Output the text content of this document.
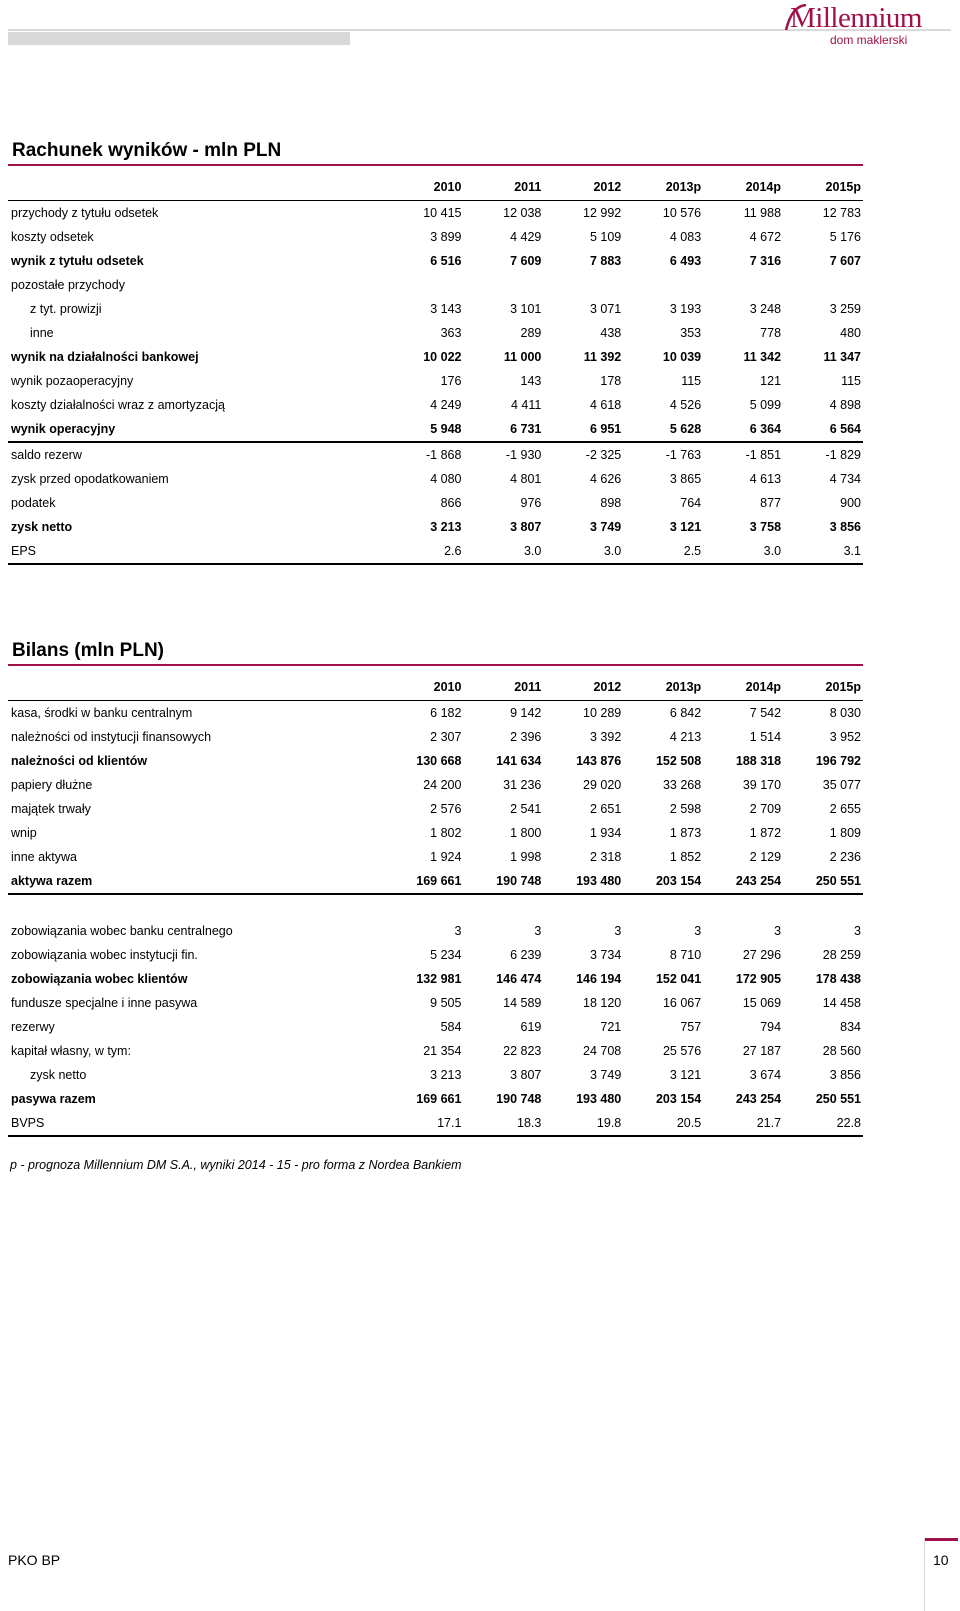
Millennium
dom maklerski
Rachunek wyników - mln PLN
	2010	2011	2012	2013p	2014p	2015p
przychody z tytułu odsetek	10 415	12 038	12 992	10 576	11 988	12 783
koszty odsetek	3 899	4 429	5 109	4 083	4 672	5 176
wynik z tytułu odsetek	6 516	7 609	7 883	6 493	7 316	7 607
pozostałe przychody						
z tyt. prowizji	3 143	3 101	3 071	3 193	3 248	3 259
inne	363	289	438	353	778	480
wynik na działalności bankowej	10 022	11 000	11 392	10 039	11 342	11 347
wynik pozaoperacyjny	176	143	178	115	121	115
koszty działalności wraz z amortyzacją	4 249	4 411	4 618	4 526	5 099	4 898
wynik operacyjny	5 948	6 731	6 951	5 628	6 364	6 564
saldo rezerw	-1 868	-1 930	-2 325	-1 763	-1 851	-1 829
zysk przed opodatkowaniem	4 080	4 801	4 626	3 865	4 613	4 734
podatek	866	976	898	764	877	900
zysk netto	3 213	3 807	3 749	3 121	3 758	3 856
EPS	2.6	3.0	3.0	2.5	3.0	3.1
Bilans (mln PLN)
	2010	2011	2012	2013p	2014p	2015p
kasa, środki w banku centralnym	6 182	9 142	10 289	6 842	7 542	8 030
należności od instytucji finansowych	2 307	2 396	3 392	4 213	1 514	3 952
należności od klientów	130 668	141 634	143 876	152 508	188 318	196 792
papiery dłużne	24 200	31 236	29 020	33 268	39 170	35 077
majątek trwały	2 576	2 541	2 651	2 598	2 709	2 655
wnip	1 802	1 800	1 934	1 873	1 872	1 809
inne aktywa	1 924	1 998	2 318	1 852	2 129	2 236
aktywa razem	169 661	190 748	193 480	203 154	243 254	250 551

zobowiązania wobec banku centralnego	3	3	3	3	3	3
zobowiązania wobec instytucji fin.	5 234	6 239	3 734	8 710	27 296	28 259
zobowiązania wobec klientów	132 981	146 474	146 194	152 041	172 905	178 438
fundusze specjalne i inne pasywa	9 505	14 589	18 120	16 067	15 069	14 458
rezerwy	584	619	721	757	794	834
kapitał własny, w tym:	21 354	22 823	24 708	25 576	27 187	28 560
zysk netto	3 213	3 807	3 749	3 121	3 674	3 856
pasywa razem	169 661	190 748	193 480	203 154	243 254	250 551
BVPS	17.1	18.3	19.8	20.5	21.7	22.8
p - prognoza Millennium DM S.A., wyniki 2014 - 15 - pro forma z Nordea Bankiem
PKO BP	10
